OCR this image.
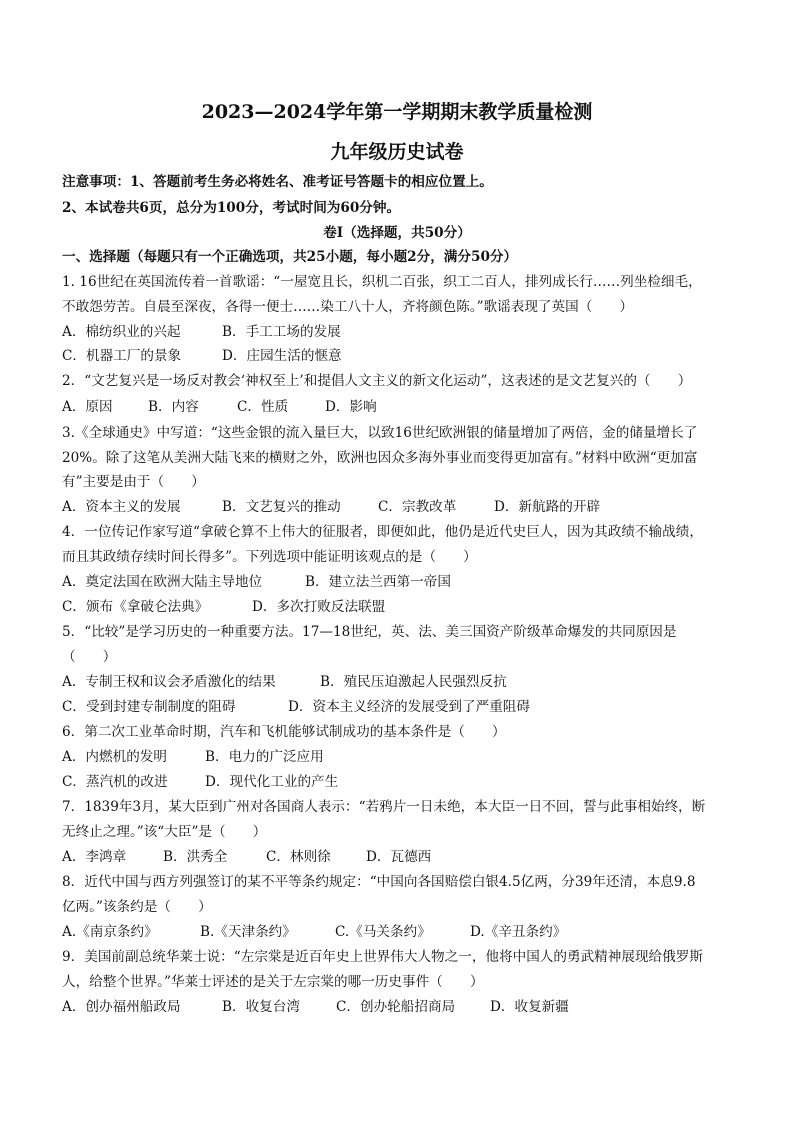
2023—2024学年第一学期期末教学质量检测
九年级历史试卷
注意事项：1、答题前考生务必将姓名、准考证号答题卡的相应位置上。
2、本试卷共6页，总分为100分，考试时间为60分钟。
卷Ⅰ（选择题，共50分）
一、选择题（每题只有一个正确选项，共25小题，每小题2分，满分50分）
1. 16世纪在英国流传着一首歌谣：“一屋宽且长，织机二百张，织工二百人，排列成长行……列坐检细毛，
不敢怨劳苦。自晨至深夜，各得一便士……染工八十人，齐将颜色陈。”歌谣表现了英国（　　）
A．棉纺织业的兴起	B．手工工场的发展
C．机器工厂的景象	D．庄园生活的惬意
2．“文艺复兴是一场反对教会‘神权至上’和提倡人文主义的新文化运动”，这表述的是文艺复兴的（　　）
A．原因	B．内容	C．性质	D．影响
3.《全球通史》中写道：“这些金银的流入量巨大，以致16世纪欧洲银的储量增加了两倍，金的储量增长了
20%。除了这笔从美洲大陆飞来的横财之外，欧洲也因众多海外事业而变得更加富有。”材料中欧洲“更加富
有”主要是由于（　　）
A．资本主义的发展	B．文艺复兴的推动	C．宗教改革	D．新航路的开辟
4．一位传记作家写道“拿破仑算不上伟大的征服者，即便如此，他仍是近代史巨人，因为其政绩不输战绩，
而且其政绩存续时间长得多”。下列选项中能证明该观点的是（　　）
A．奠定法国在欧洲大陆主导地位	B．建立法兰西第一帝国
C．颁布《拿破仑法典》	D．多次打败反法联盟
5．“比较”是学习历史的一种重要方法。17—18世纪，英、法、美三国资产阶级革命爆发的共同原因是
（　　）
A．专制王权和议会矛盾激化的结果	B．殖民压迫激起人民强烈反抗
C．受到封建专制制度的阻碍	D．资本主义经济的发展受到了严重阻碍
6．第二次工业革命时期，汽车和飞机能够试制成功的基本条件是（　　）
A．内燃机的发明	B．电力的广泛应用
C．蒸汽机的改进	D．现代化工业的产生
7．1839年3月，某大臣到广州对各国商人表示：“若鸦片一日未绝，本大臣一日不回，誓与此事相始终，断
无终止之理。”该“大臣”是（　　）
A．李鸿章	B．洪秀全	C．林则徐	D．瓦德西
8．近代中国与西方列强签订的某不平等条约规定：“中国向各国赔偿白银4.5亿两，分39年还清，本息9.8
亿两。”该条约是（　　）
A.《南京条约》	B.《天津条约》	C.《马关条约》	D.《辛丑条约》
9．美国前副总统华莱士说：“左宗棠是近百年史上世界伟大人物之一，他将中国人的勇武精神展现给俄罗斯
人，给整个世界。”华莱士评述的是关于左宗棠的哪一历史事件（　　）
A．创办福州船政局	B．收复台湾	C．创办轮船招商局	D．收复新疆
